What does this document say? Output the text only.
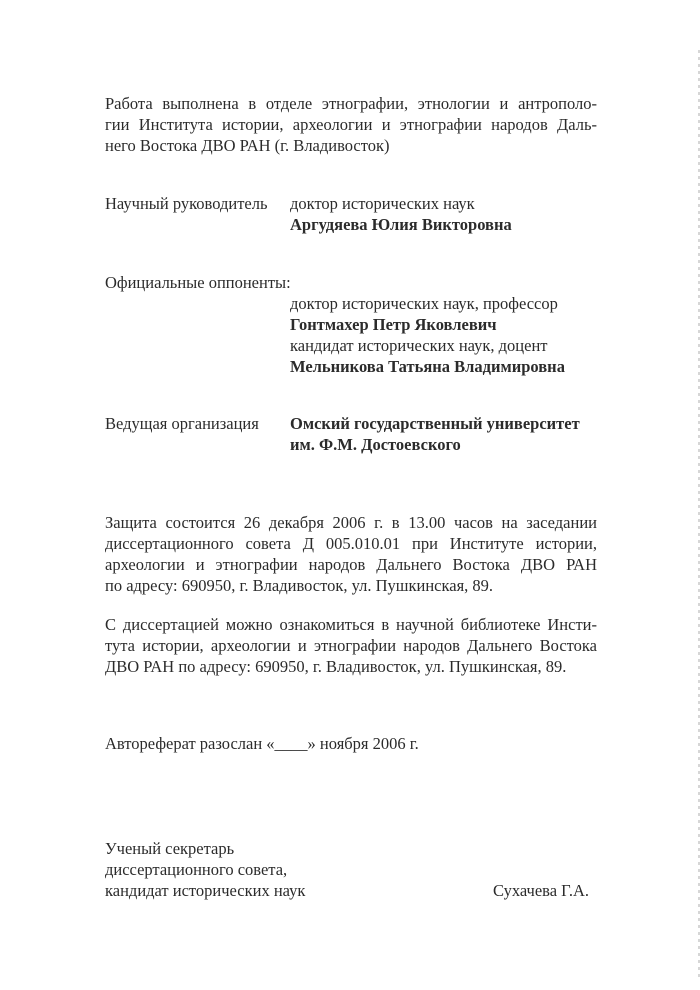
Работа выполнена в отделе этнографии, этнологии и антрополо-
гии Института истории, археологии и этнографии народов Даль-
него Востока ДВО РАН (г. Владивосток)
Научный руководитель доктор исторических наук
Аргудяева Юлия Викторовна
Официальные оппоненты:
доктор исторических наук, профессор
Гонтмахер Петр Яковлевич
кандидат исторических наук, доцент
Мельникова Татьяна Владимировна
Ведущая организация Омский государственный университет
им. Ф.М. Достоевского
Защита состоится 26 декабря 2006 г. в 13.00 часов на заседании
диссертационного совета Д 005.010.01 при Институте истории,
археологии и этнографии народов Дальнего Востока ДВО РАН
по адресу: 690950, г. Владивосток, ул. Пушкинская, 89.
С диссертацией можно ознакомиться в научной библиотеке Инсти-
тута истории, археологии и этнографии народов Дальнего Востока
ДВО РАН по адресу: 690950, г. Владивосток, ул. Пушкинская, 89.
Автореферат разослан «____» ноября 2006 г.
Ученый секретарь
диссертационного совета,
кандидат исторических наук	Сухачева Г.А.
